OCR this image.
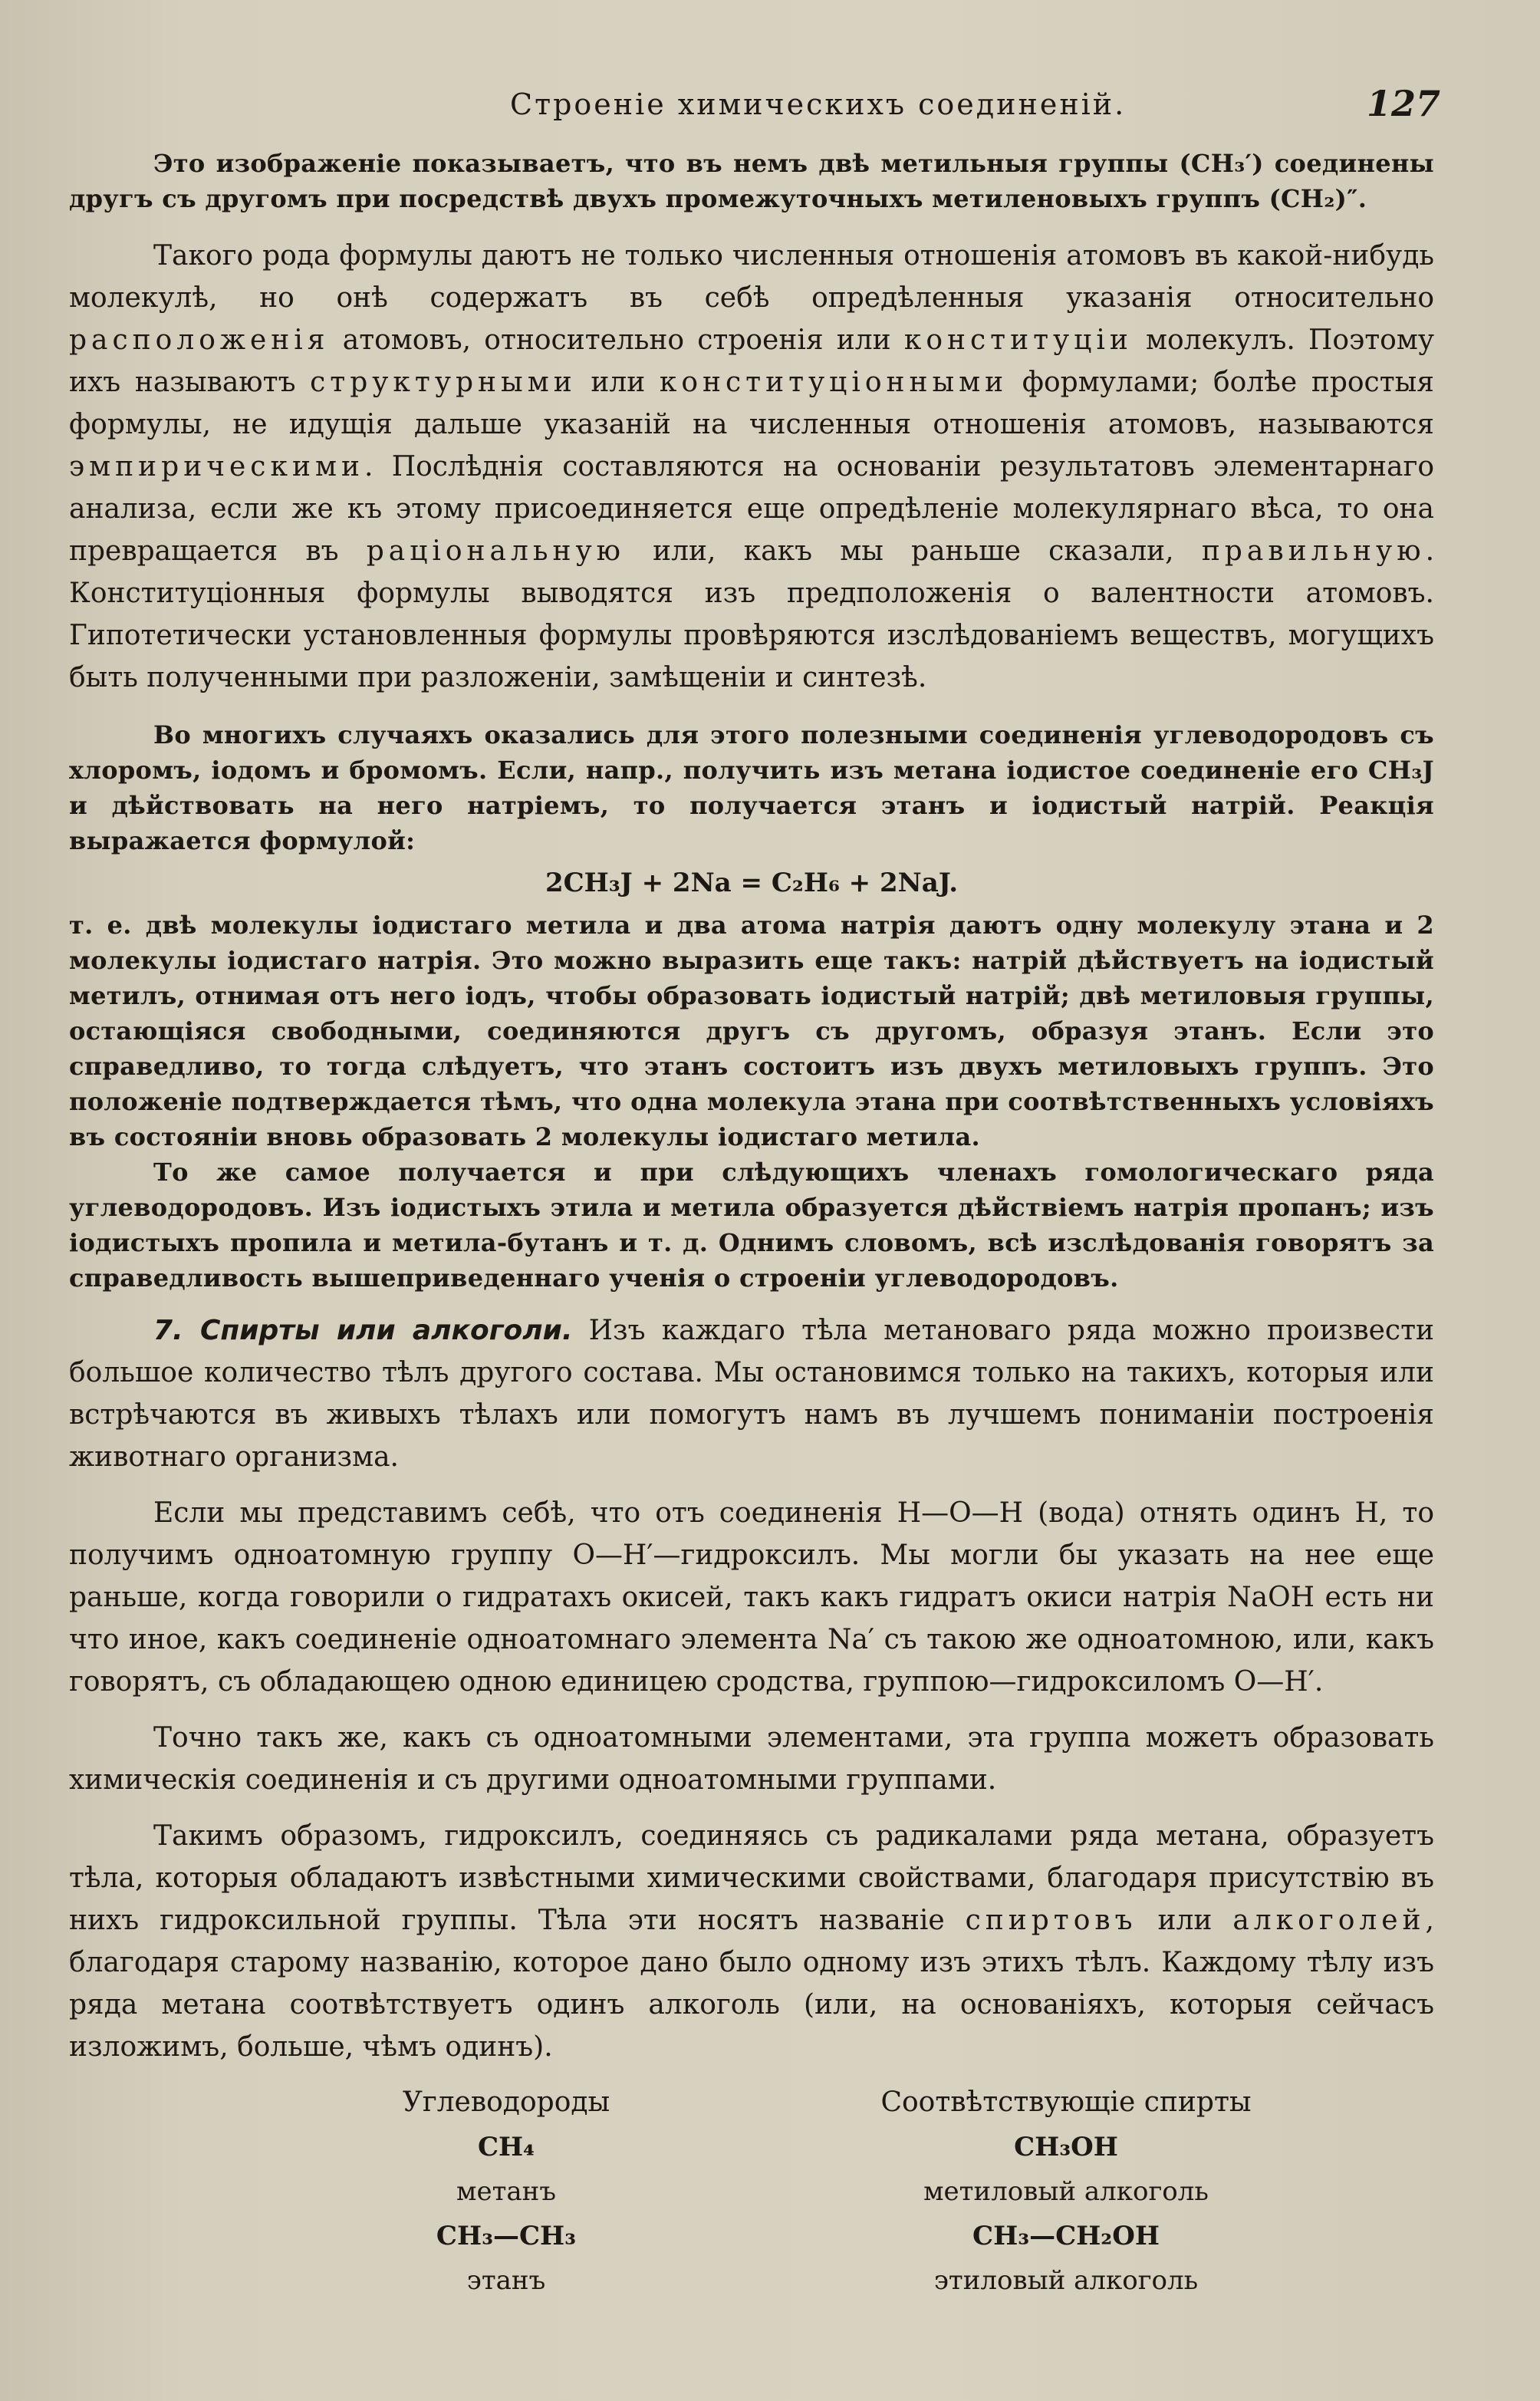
Строенiе химическихъ соединенiй.	127

Это изображенiе показываетъ, что въ немъ двѣ метильныя группы (CH₃′) соединены другъ съ другомъ при посредствѣ двухъ промежуточныхъ метиленовыхъ группъ (CH₂)″.

Такого рода формулы даютъ не только численныя отношенiя атомовъ въ какой-нибудь молекулѣ, но онѣ содержатъ въ себѣ опредѣленныя указанiя относительно расположенiя атомовъ, относительно строенiя или конституцiи молекулъ. Поэтому ихъ называютъ структурными или конституцiонными формулами; болѣе простыя формулы, не идущiя дальше указанiй на численныя отношенiя атомовъ, называются эмпирическими. Послѣднiя составляются на основанiи результатовъ элементарнаго анализа, если же къ этому присоединяется еще опредѣленiе молекулярнаго вѣса, то она превращается въ рацiональную или, какъ мы раньше сказали, правильную. Конституцiонныя формулы выводятся изъ предположенiя о валентности атомовъ. Гипотетически установленныя формулы провѣряются изслѣдованiемъ веществъ, могущихъ быть полученными при разложенiи, замѣщенiи и синтезѣ.

Во многихъ случаяхъ оказались для этого полезными соединенiя углеводородовъ съ хлоромъ, iодомъ и бромомъ. Если, напр., получить изъ метана iодистое соединенiе его CH₃J и дѣйствовать на него натрiемъ, то получается этанъ и iодистый натрiй. Реакцiя выражается формулой:

2CH₃J + 2Na = C₂H₆ + 2NaJ.

т. е. двѣ молекулы iодистаго метила и два атома натрiя даютъ одну молекулу этана и 2 молекулы iодистаго натрiя. Это можно выразить еще такъ: натрiй дѣйствуетъ на iодистый метилъ, отнимая отъ него iодъ, чтобы образовать iодистый натрiй; двѣ метиловыя группы, остающiяся свободными, соединяются другъ съ другомъ, образуя этанъ. Если это справедливо, то тогда слѣдуетъ, что этанъ состоитъ изъ двухъ метиловыхъ группъ. Это положенiе подтверждается тѣмъ, что одна молекула этана при соотвѣтственныхъ условiяхъ въ состоянiи вновь образовать 2 молекулы iодистаго метила.

То же самое получается и при слѣдующихъ членахъ гомологическаго ряда углеводородовъ. Изъ iодистыхъ этила и метила образуется дѣйствiемъ натрiя пропанъ; изъ iодистыхъ пропила и метила-бутанъ и т. д. Однимъ словомъ, всѣ изслѣдованiя говорятъ за справедливость вышеприведеннаго ученiя о строенiи углеводородовъ.

7. Спирты или алкоголи. Изъ каждаго тѣла метановаго ряда можно произвести большое количество тѣлъ другого состава. Мы остановимся только на такихъ, которыя или встрѣчаются въ живыхъ тѣлахъ или помогутъ намъ въ лучшемъ пониманiи построенiя животнаго организма.

Если мы представимъ себѣ, что отъ соединенiя H—O—H (вода) отнять одинъ H, то получимъ одноатомную группу O—H′—гидроксилъ. Мы могли бы указать на нее еще раньше, когда говорили о гидратахъ окисей, такъ какъ гидратъ окиси натрiя NaOH есть ни что иное, какъ соединенiе одноатомнаго элемента Na′ съ такою же одноатомною, или, какъ говорятъ, съ обладающею одною единицею сродства, группою—гидроксиломъ O—H′.

Точно такъ же, какъ съ одноатомными элементами, эта группа можетъ образовать химическiя соединенiя и съ другими одноатомными группами.

Такимъ образомъ, гидроксилъ, соединяясь съ радикалами ряда метана, образуетъ тѣла, которыя обладаютъ извѣстными химическими свойствами, благодаря присутствiю въ нихъ гидроксильной группы. Тѣла эти носятъ названiе спиртовъ или алкоголей, благодаря старому названiю, которое дано было одному изъ этихъ тѣлъ. Каждому тѣлу изъ ряда метана соотвѣтствуетъ одинъ алкоголь (или, на основанiяхъ, которыя сейчасъ изложимъ, больше, чѣмъ одинъ).

Углеводороды
CH₄
метанъ
CH₃—CH₃
этанъ
Соотвѣтствующiе спирты
CH₃OH
метиловый алкоголь
CH₃—CH₂OH
этиловый алкоголь
